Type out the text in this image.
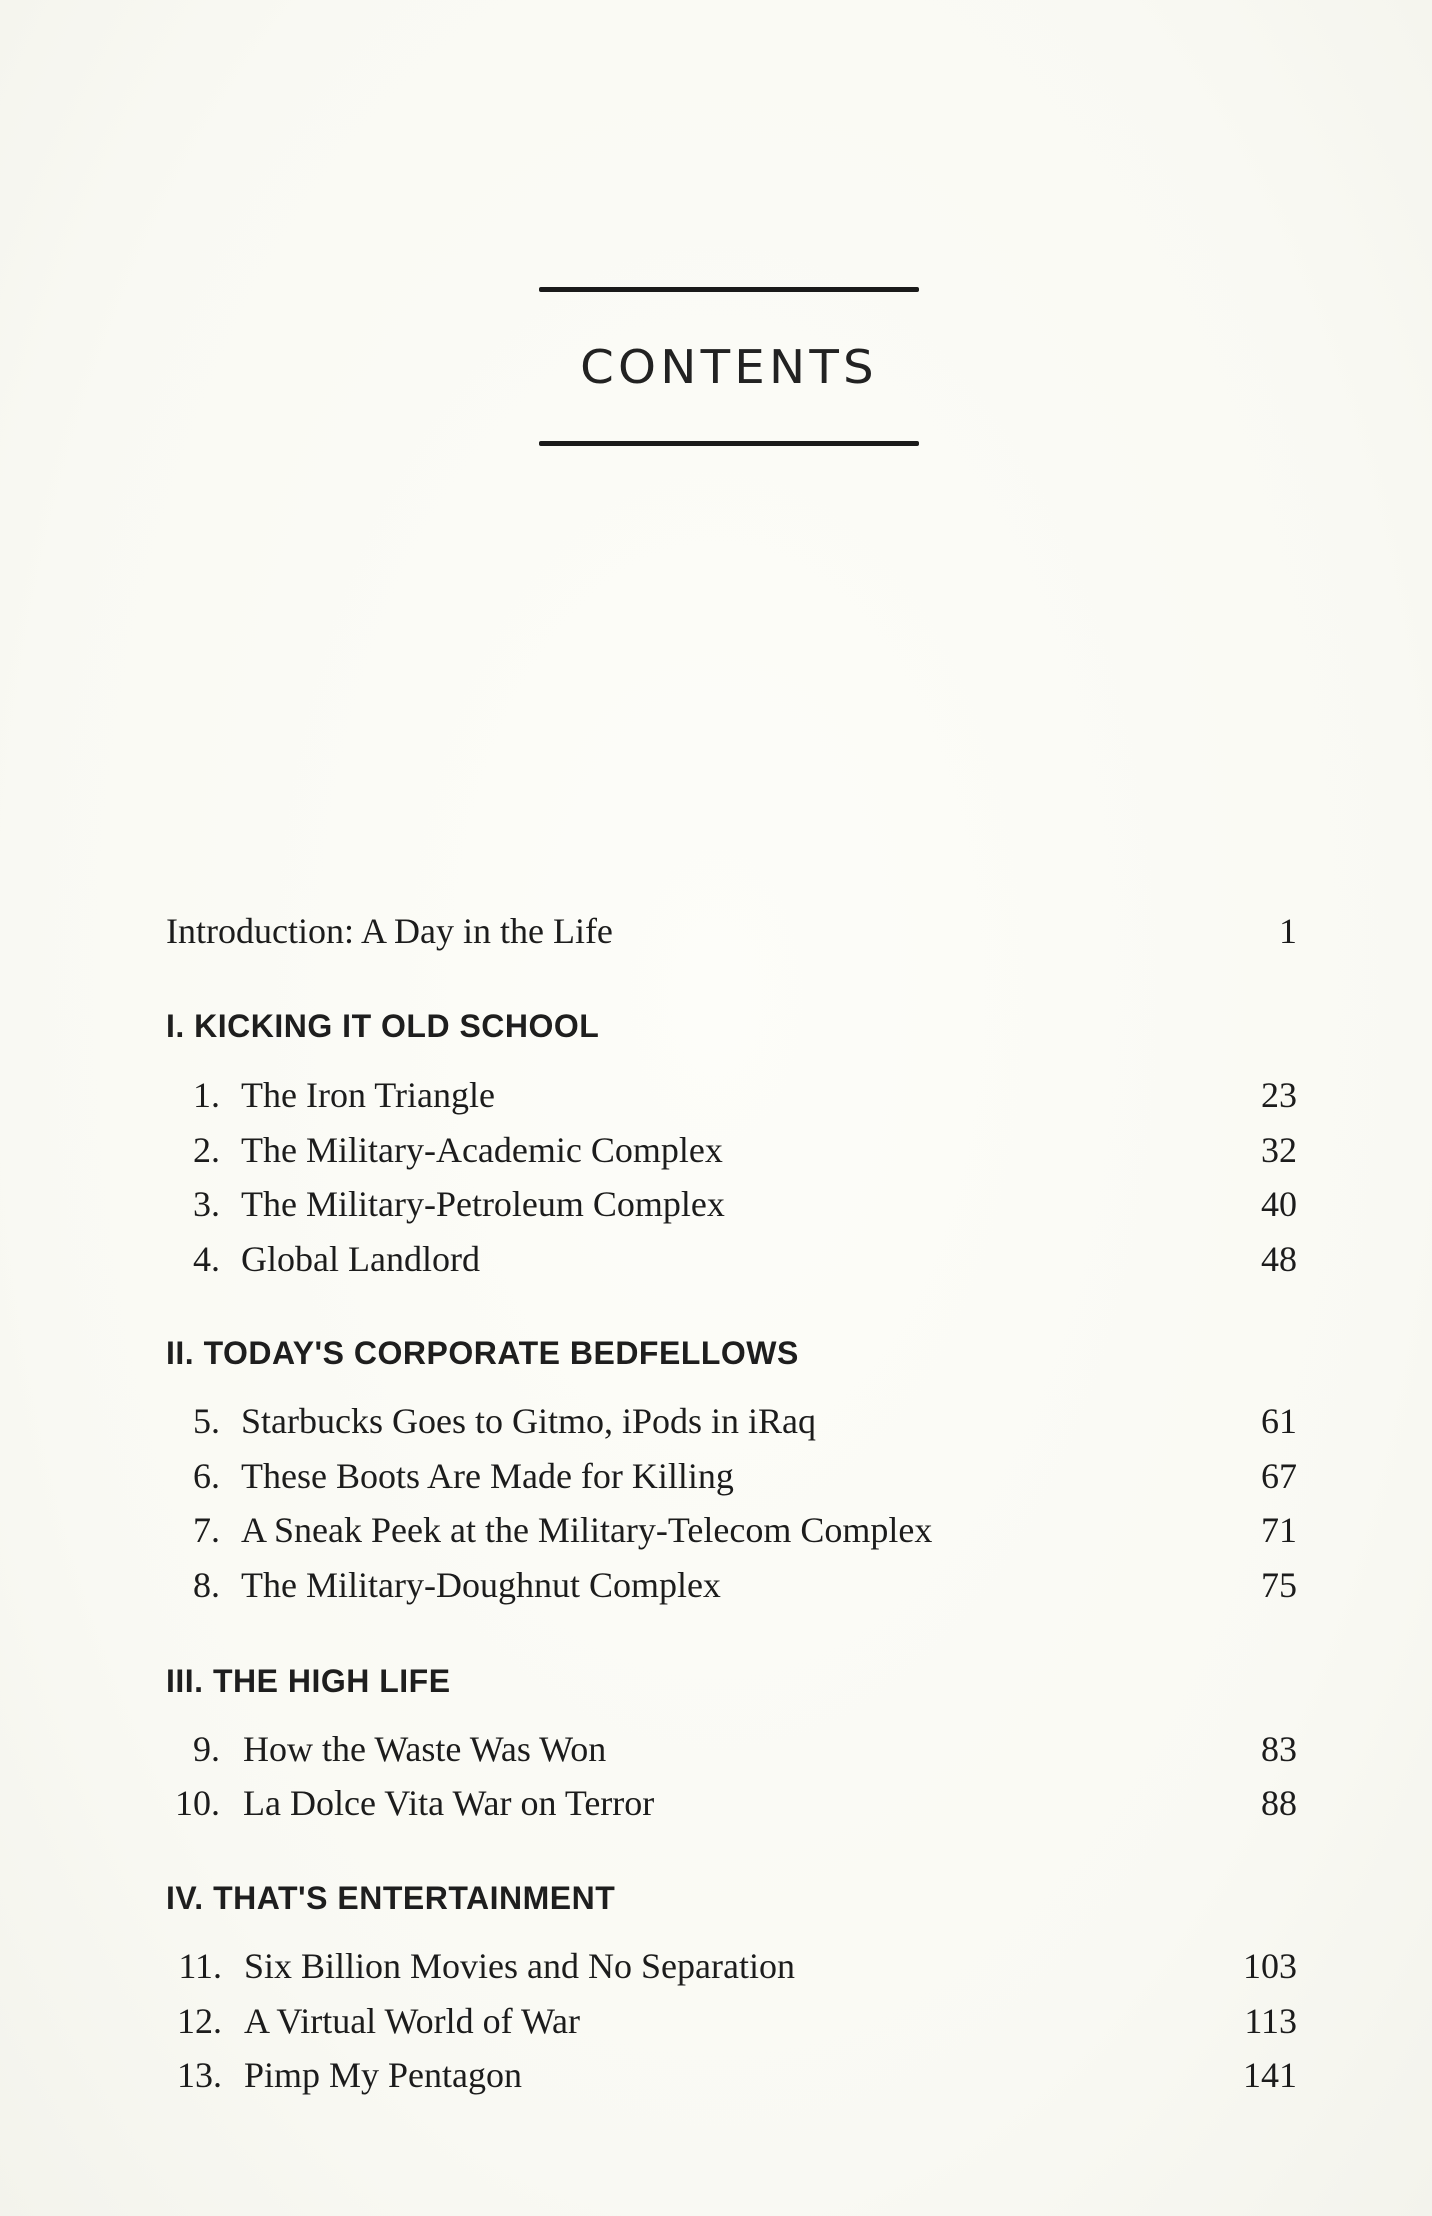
CONTENTS
Introduction: A Day in the Life	1
I. KICKING IT OLD SCHOOL
1. The Iron Triangle	23
2. The Military-Academic Complex	32
3. The Military-Petroleum Complex	40
4. Global Landlord	48
II. TODAY'S CORPORATE BEDFELLOWS
5. Starbucks Goes to Gitmo, iPods in iRaq	61
6. These Boots Are Made for Killing	67
7. A Sneak Peek at the Military-Telecom Complex	71
8. The Military-Doughnut Complex	75
III. THE HIGH LIFE
9. How the Waste Was Won	83
10. La Dolce Vita War on Terror	88
IV. THAT'S ENTERTAINMENT
11. Six Billion Movies and No Separation	103
12. A Virtual World of War	113
13. Pimp My Pentagon	141
